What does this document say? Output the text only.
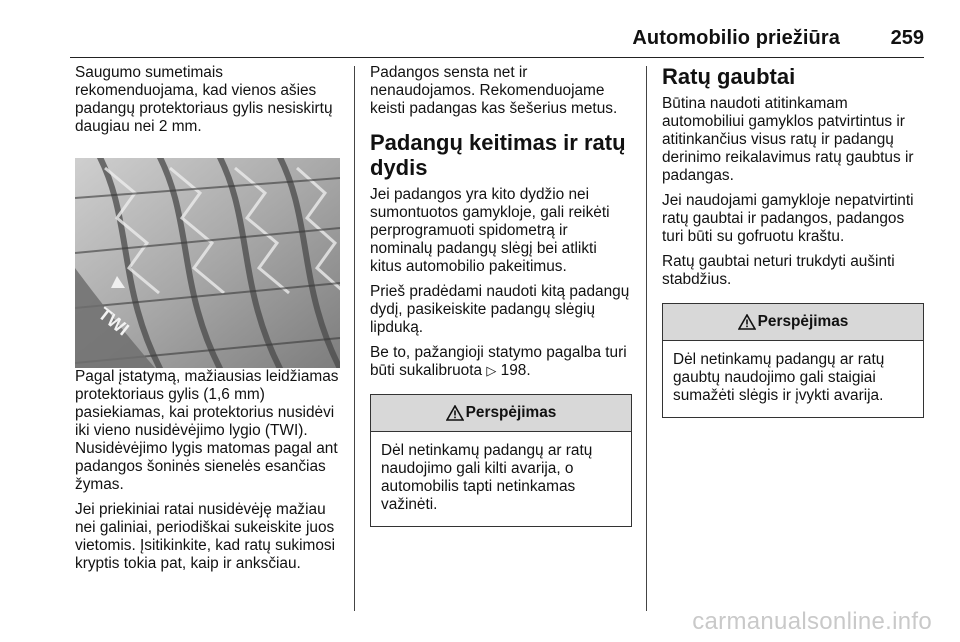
Automobilio priežiūra	259

Saugumo sumetimais rekomenduojama, kad vienos ašies padangų protektoriaus gylis nesiskirtų daugiau nei 2 mm.

TWI

Pagal įstatymą, mažiausias leidžiamas protektoriaus gylis (1,6 mm) pasiekiamas, kai protektorius nusidėvi iki vieno nusidėvėjimo lygio (TWI). Nusidėvėjimo lygis matomas pagal ant padangos šoninės sienelės esančias žymas.

Jei priekiniai ratai nusidėvėję mažiau nei galiniai, periodiškai sukeiskite juos vietomis. Įsitikinkite, kad ratų sukimosi kryptis tokia pat, kaip ir anksčiau.

Padangos sensta net ir nenaudojamos. Rekomenduojame keisti padangas kas šešerius metus.

Padangų keitimas ir ratų dydis

Jei padangos yra kito dydžio nei sumontuotos gamykloje, gali reikėti perprogramuoti spidometrą ir nominalų padangų slėgį bei atlikti kitus automobilio pakeitimus.

Prieš pradėdami naudoti kitą padangų dydį, pasikeiskite padangų slėgių lipduką.

Be to, pažangioji statymo pagalba turi būti sukalibruota ▷ 198.

Perspėjimas
Dėl netinkamų padangų ar ratų naudojimo gali kilti avarija, o automobilis tapti netinkamas važinėti.
Ratų gaubtai

Būtina naudoti atitinkamam automobiliui gamyklos patvirtintus ir atitinkančius visus ratų ir padangų derinimo reikalavimus ratų gaubtus ir padangas.

Jei naudojami gamykloje nepatvirtinti ratų gaubtai ir padangos, padangos turi būti su gofruotu kraštu.

Ratų gaubtai neturi trukdyti aušinti stabdžius.

Perspėjimas
Dėl netinkamų padangų ar ratų gaubtų naudojimo gali staigiai sumažėti slėgis ir įvykti avarija.
carmanualsonline.info
